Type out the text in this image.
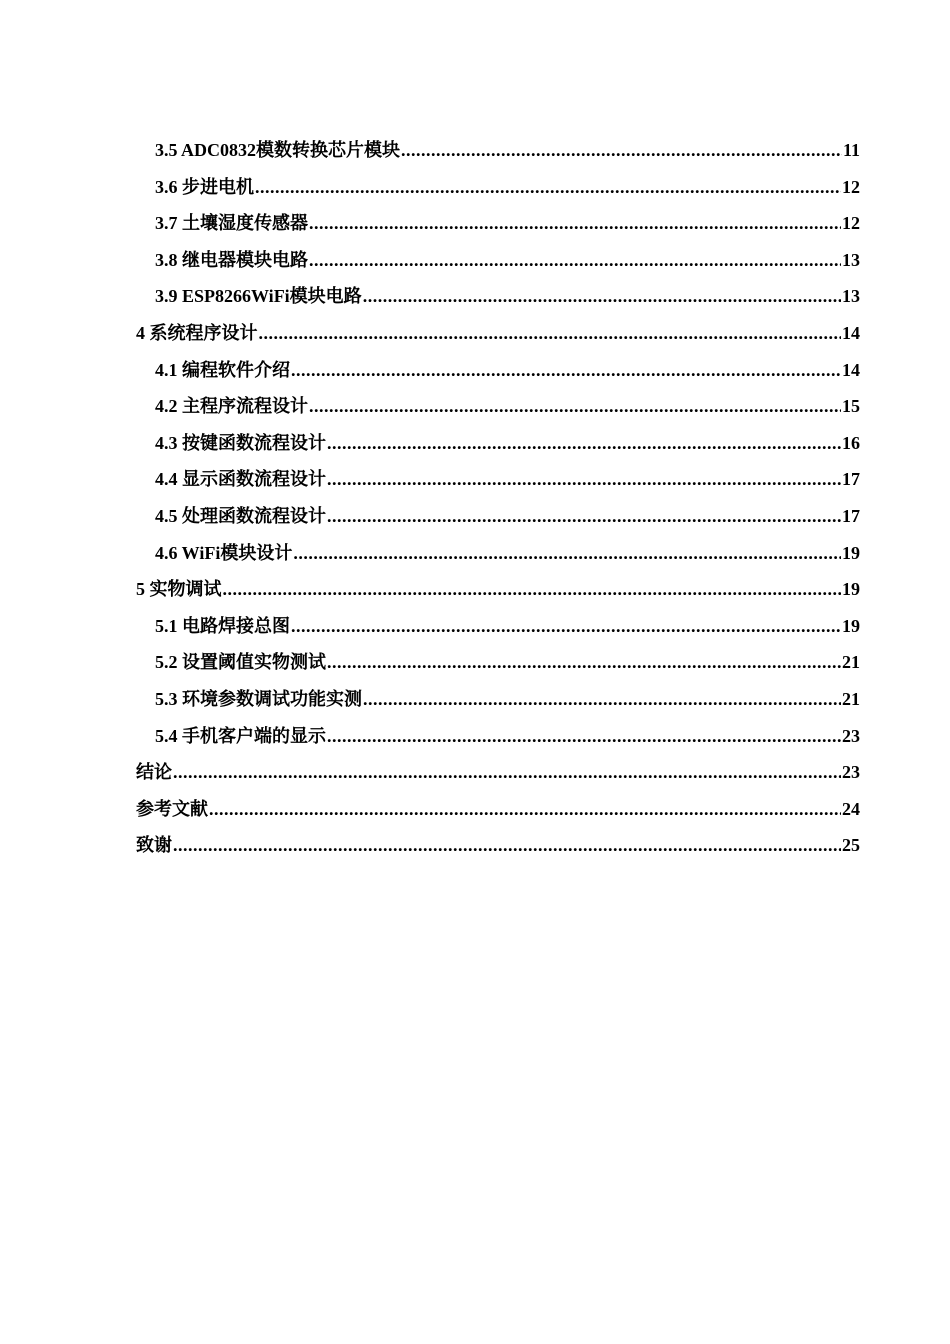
3.5 ADC0832模数转换芯片模块 .....	11
3.6 步进电机 .....	12
3.7 土壤湿度传感器 .....	12
3.8 继电器模块电路 .....	13
3.9 ESP8266WiFi模块电路 .....	13
4 系统程序设计 .....	14
4.1 编程软件介绍 .....	14
4.2 主程序流程设计 .....	15
4.3 按键函数流程设计 .....	16
4.4 显示函数流程设计 .....	17
4.5 处理函数流程设计 .....	17
4.6 WiFi模块设计 .....	19
5 实物调试 .....	19
5.1 电路焊接总图 .....	19
5.2 设置阈值实物测试 .....	21
5.3 环境参数调试功能实测 .....	21
5.4 手机客户端的显示 .....	23
结论 .....	23
参考文献 .....	24
致谢 .....	25
